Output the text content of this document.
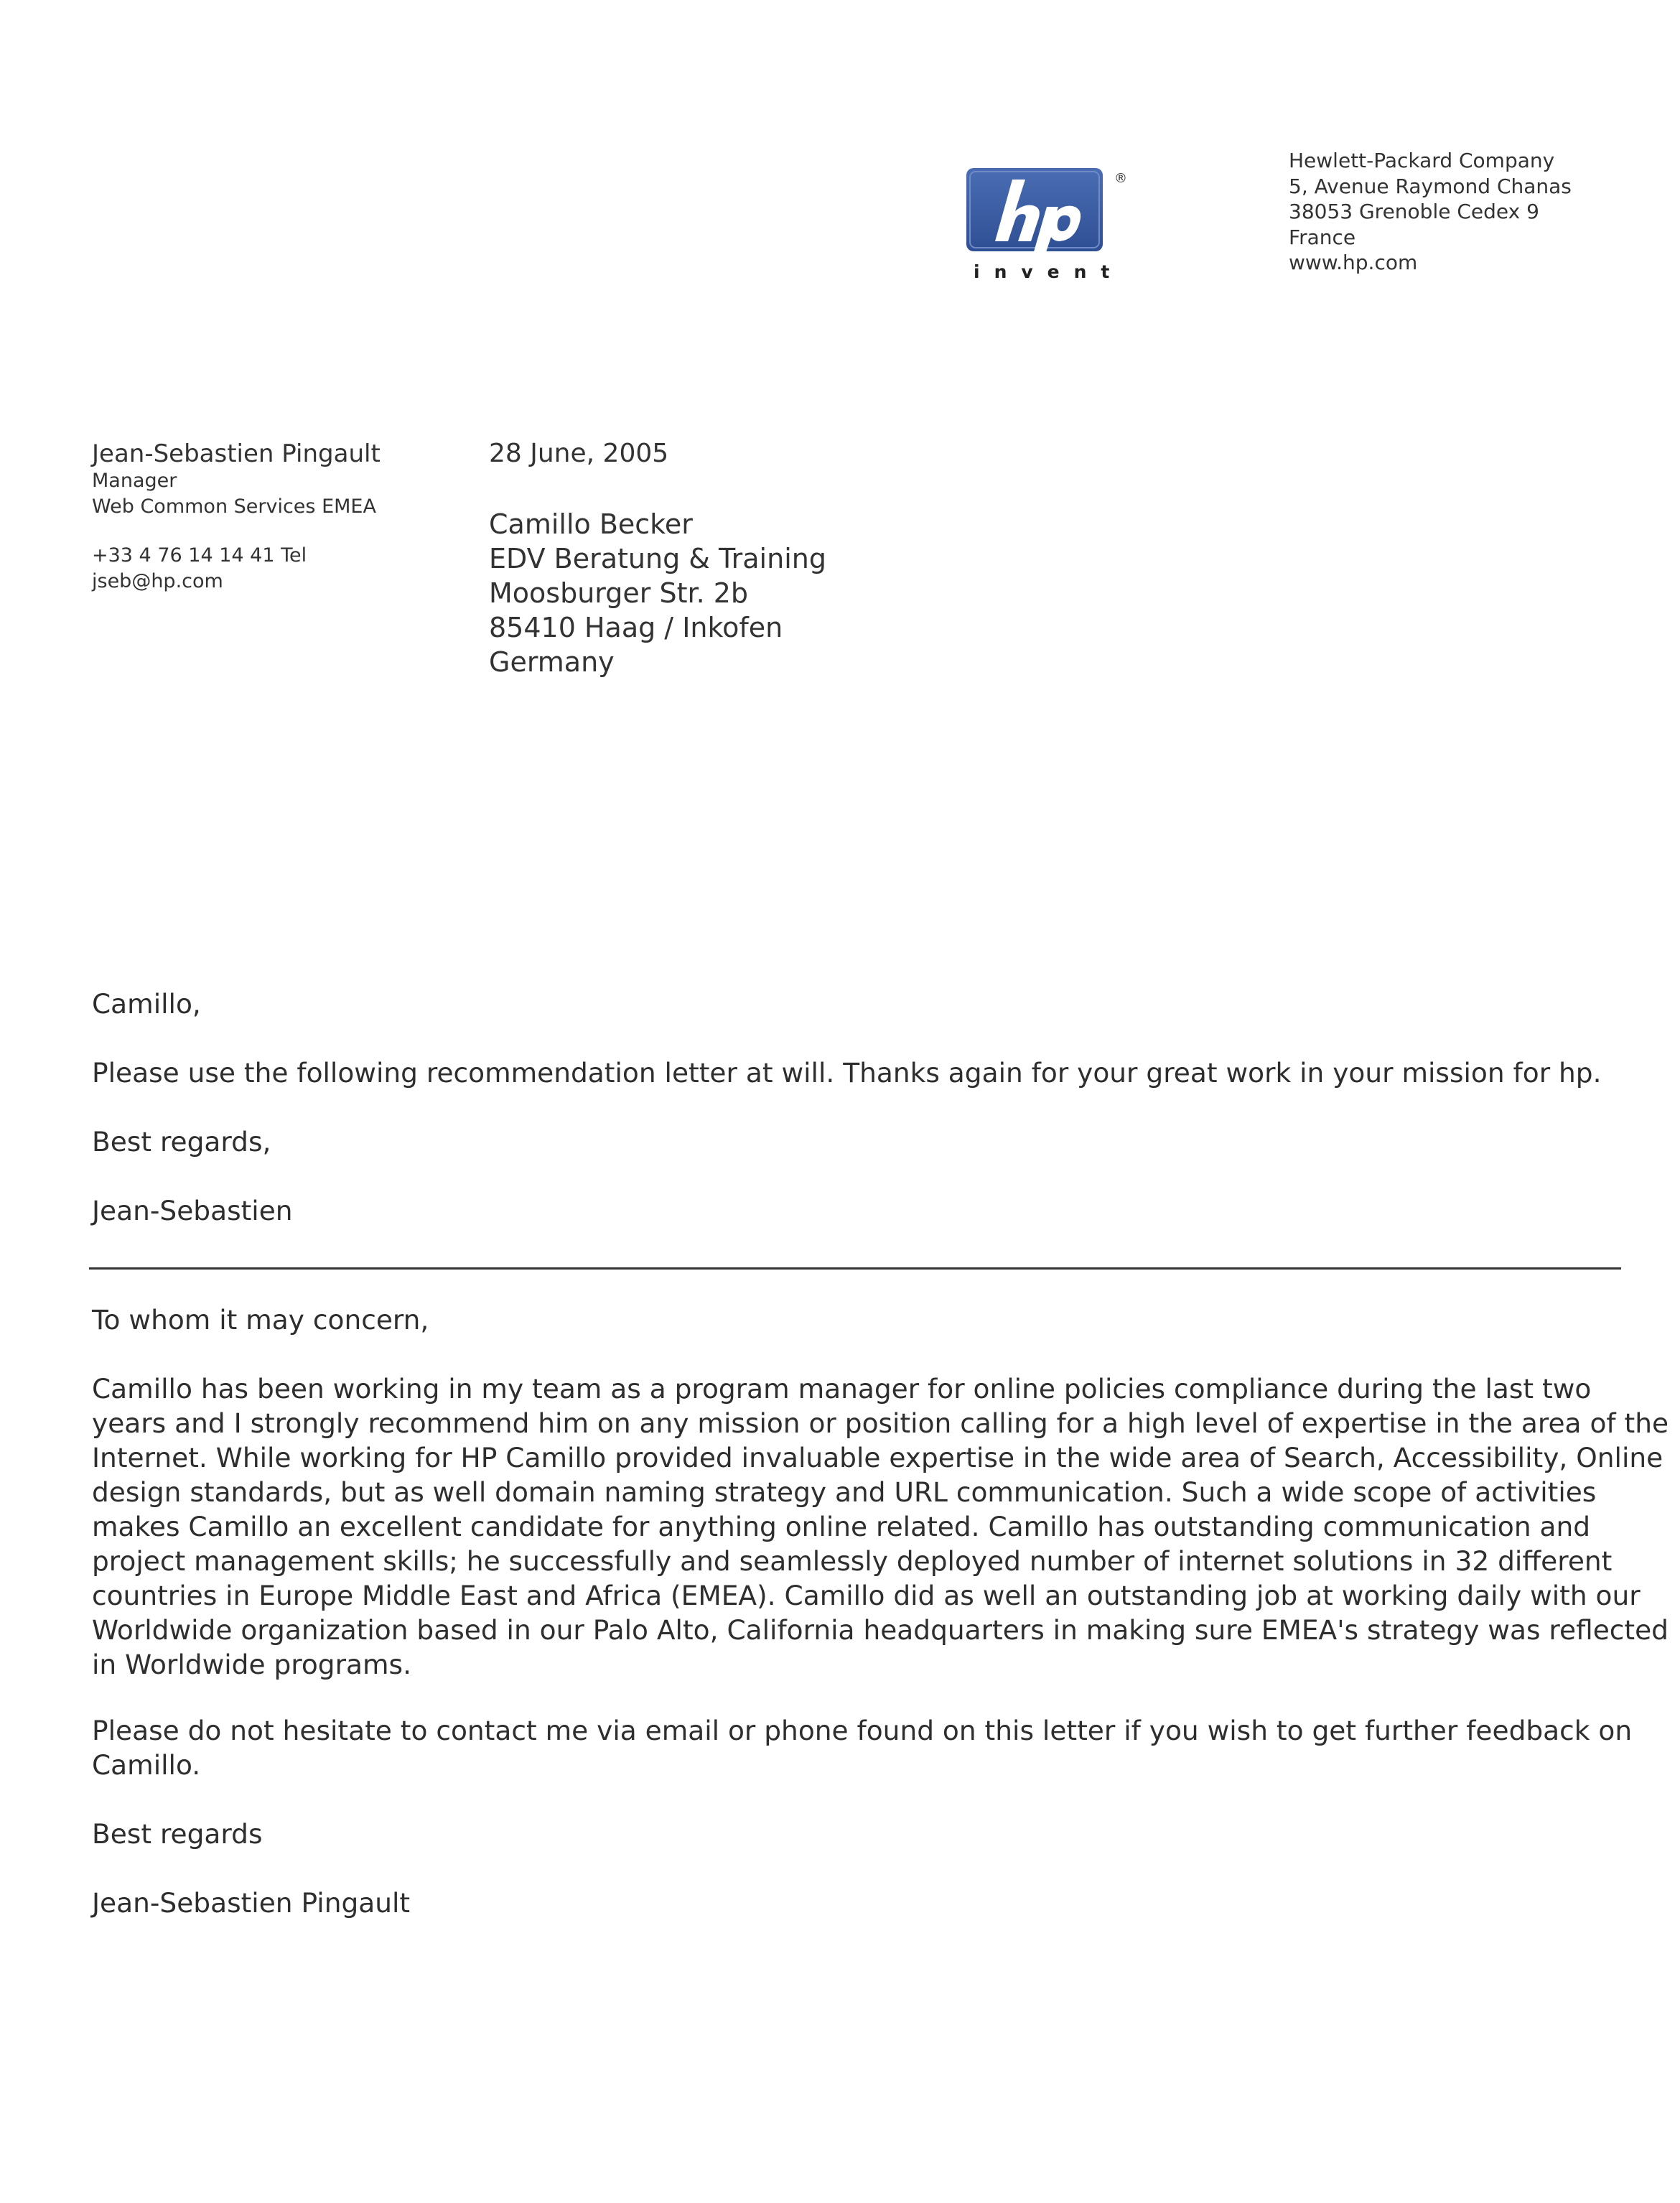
®
invent
Hewlett-Packard Company
5, Avenue Raymond Chanas
38053 Grenoble Cedex 9
France
www.hp.com
Jean-Sebastien Pingault
Manager
Web Common Services EMEA
+33 4 76 14 14 41 Tel
jseb@hp.com
28 June, 2005
Camillo Becker
EDV Beratung & Training
Moosburger Str. 2b
85410 Haag / Inkofen
Germany
Camillo,
Please use the following recommendation letter at will. Thanks again for your great work in your mission for hp.
Best regards,
Jean-Sebastien
To whom it may concern,
Camillo has been working in my team as a program manager for online policies compliance during the last two
years and I strongly recommend him on any mission or position calling for a high level of expertise in the area of the
Internet. While working for HP Camillo provided invaluable expertise in the wide area of Search, Accessibility, Online
design standards, but as well domain naming strategy and URL communication. Such a wide scope of activities
makes Camillo an excellent candidate for anything online related. Camillo has outstanding communication and
project management skills; he successfully and seamlessly deployed number of internet solutions in 32 different
countries in Europe Middle East and Africa (EMEA). Camillo did as well an outstanding job at working daily with our
Worldwide organization based in our Palo Alto, California headquarters in making sure EMEA's strategy was reflected
in Worldwide programs.
Please do not hesitate to contact me via email or phone found on this letter if you wish to get further feedback on
Camillo.
Best regards
Jean-Sebastien Pingault
